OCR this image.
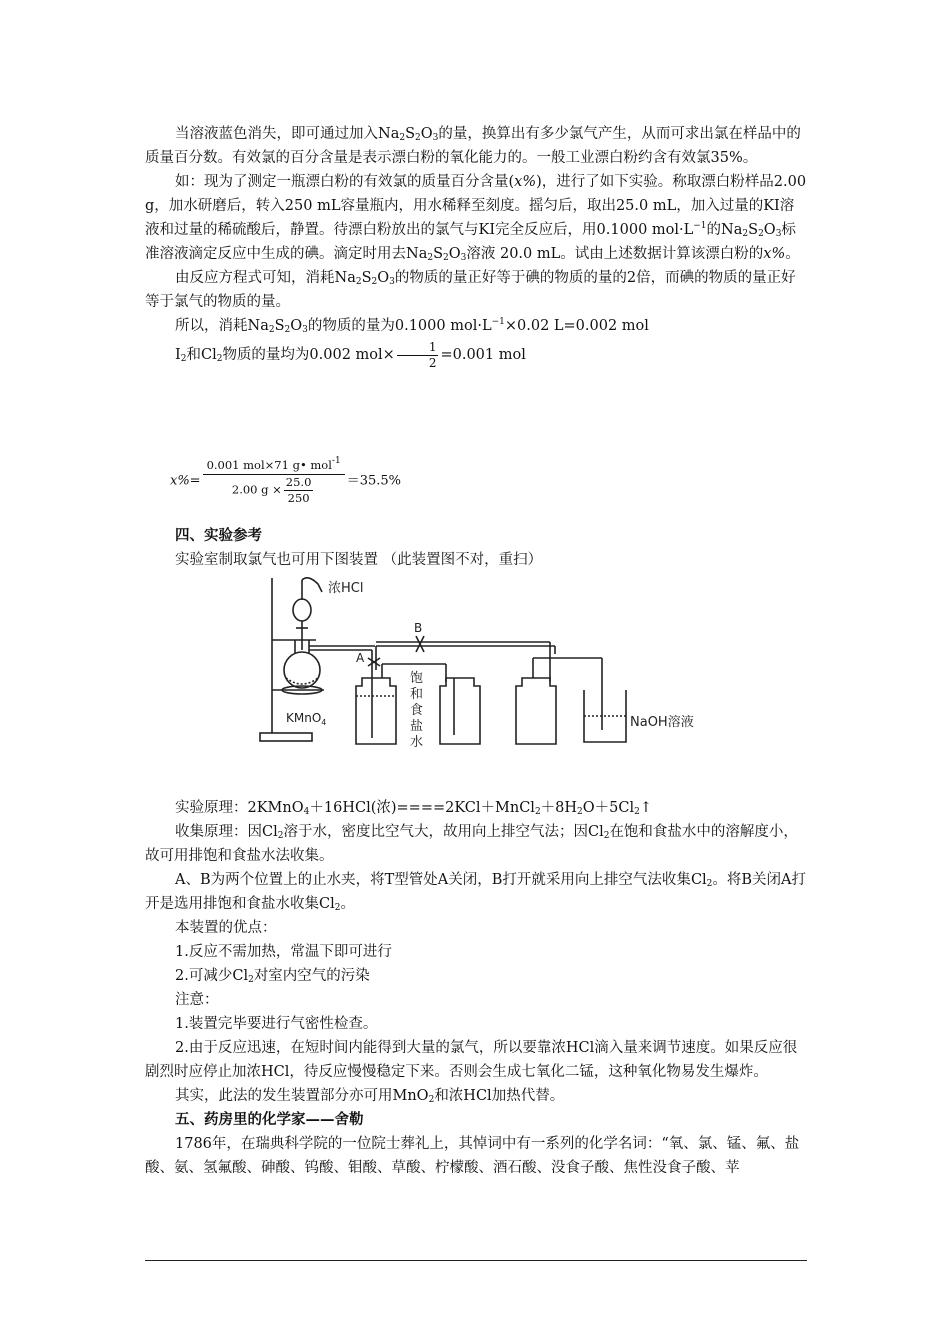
当溶液蓝色消失，即可通过加入$Na_2S_2O_3$的量，换算出有多少氯气产生，从而可求出氯在样品中的质量百分数。有效氯的百分含量是表示漂白粉的氧化能力的。一般工业漂白粉约含有效氯35%。

如：现为了测定一瓶漂白粉的有效氯的质量百分含量(x%)，进行了如下实验。称取漂白粉样品2.00 g，加水研磨后，转入250 mL容量瓶内，用水稀释至刻度。摇匀后，取出25.0 mL，加入过量的KI溶液和过量的稀硫酸后，静置。待漂白粉放出的氯气与KI完全反应后，用0.1000 $mol\cdot L^{-1}$的$Na_2S_2O_3$标准溶液滴定反应中生成的碘。滴定时用去$Na_2S_2O_3$溶液 20.0 mL。试由上述数据计算该漂白粉的x%。

由反应方程式可知，消耗$Na_2S_2O_3$的物质的量正好等于碘的物质的量的2倍，而碘的物质的量正好等于氯气的物质的量。

所以，消耗$Na_2S_2O_3$的物质的量为0.1000 $mol\cdot L^{-1}\times 0.02$ L=0.002 mol

$I_2$和$Cl_2$物质的量均为0.002 $mol\times \frac{1}{2} =0.001$ mol

$x\%= \frac{0.001 mol\times 71 g• mol^{-1}}{2.00 g \times \frac{25.0}{250}} =35.5\%$

四、实验参考

实验室制取氯气也可用下图装置 （此装置图不对，重扫）

浓HCl
B
A
KMnO$_4$
饱
和
食
盐
水
NaOH溶液

实验原理：2KMnO$_4$＋16HCl(浓)$====2KCl+MnCl_2+8H_2O+5Cl_2↑$

收集原理：因$Cl_2$溶于水，密度比空气大，故用向上排空气法；因$Cl_2$在饱和食盐水中的溶解度小，故可用排饱和食盐水法收集。

A、B为两个位置上的止水夹，将T型管处A关闭，B打开就采用向上排空气法收集$Cl_2$。将B关闭A打开是选用排饱和食盐水收集$Cl_2$。

本装置的优点：

1.反应不需加热，常温下即可进行

2.可减少$Cl_2$对室内空气的污染

注意：

1.装置完毕要进行气密性检查。

2.由于反应迅速，在短时间内能得到大量的氯气，所以要靠浓HCl滴入量来调节速度。如果反应很剧烈时应停止加浓HCl，待反应慢慢稳定下来。否则会生成七氧化二锰，这种氧化物易发生爆炸。

其实，此法的发生装置部分亦可用MnO$_2$和浓HCl加热代替。

五、药房里的化学家——舍勒

1786年，在瑞典科学院的一位院士葬礼上，其悼词中有一系列的化学名词：“氧、氯、锰、氟、盐酸、氨、氢氟酸、砷酸、钨酸、钼酸、草酸、柠檬酸、酒石酸、没食子酸、焦性没食子酸、苹
